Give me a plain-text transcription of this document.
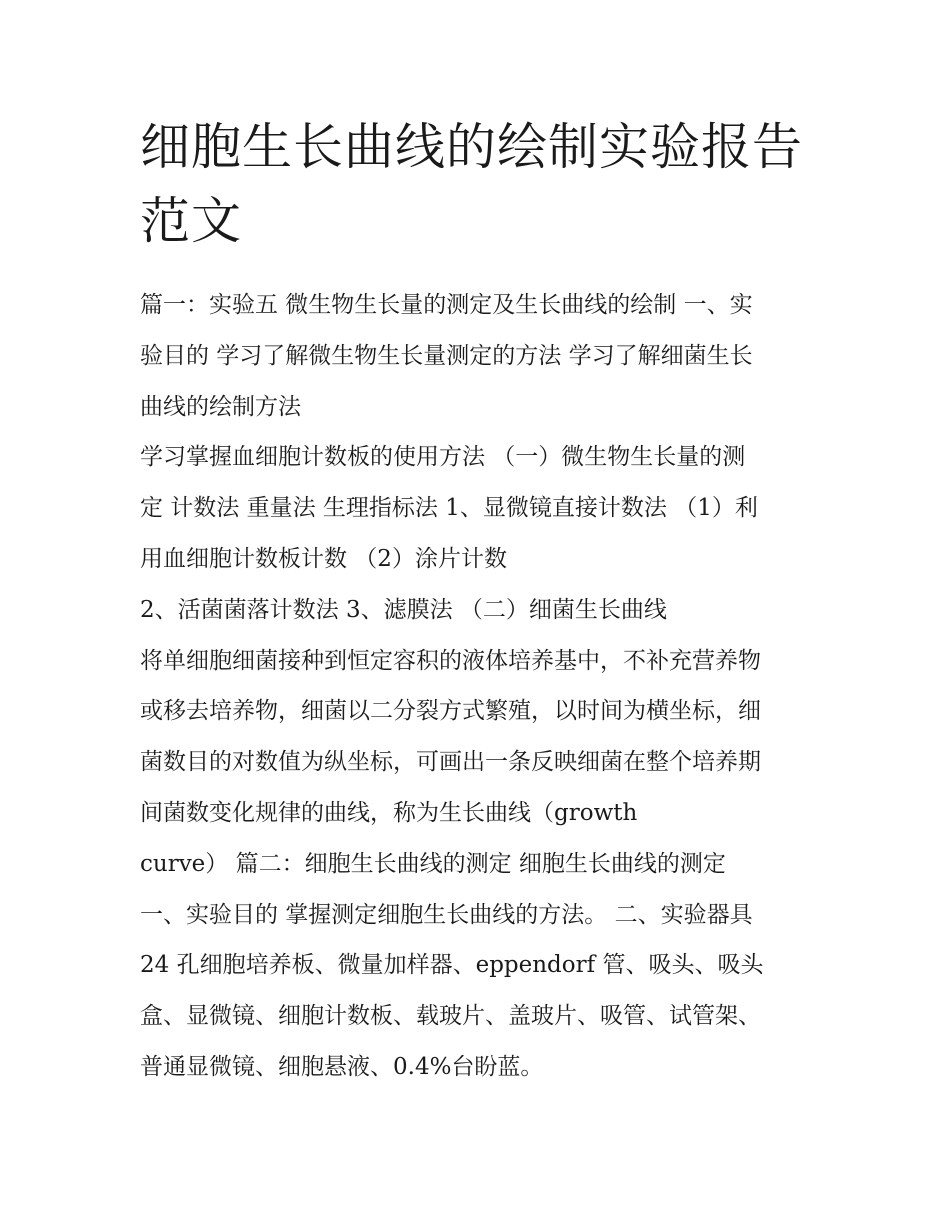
细胞生长曲线的绘制实验报告
范文
篇一：实验五 微生物生长量的测定及生长曲线的绘制 一、实
验目的 学习了解微生物生长量测定的方法 学习了解细菌生长
曲线的绘制方法
学习掌握血细胞计数板的使用方法 （一）微生物生长量的测
定 计数法 重量法 生理指标法 1、显微镜直接计数法 （1）利
用血细胞计数板计数 （2）涂片计数
2、活菌菌落计数法 3、滤膜法 （二）细菌生长曲线
将单细胞细菌接种到恒定容积的液体培养基中，不补充营养物
或移去培养物，细菌以二分裂方式繁殖，以时间为横坐标，细
菌数目的对数值为纵坐标，可画出一条反映细菌在整个培养期
间菌数变化规律的曲线，称为生长曲线（growth
curve） 篇二：细胞生长曲线的测定 细胞生长曲线的测定
一、实验目的 掌握测定细胞生长曲线的方法。 二、实验器具
24 孔细胞培养板、微量加样器、eppendorf 管、吸头、吸头
盒、显微镜、细胞计数板、载玻片、盖玻片、吸管、试管架、
普通显微镜、细胞悬液、0.4%台盼蓝。
